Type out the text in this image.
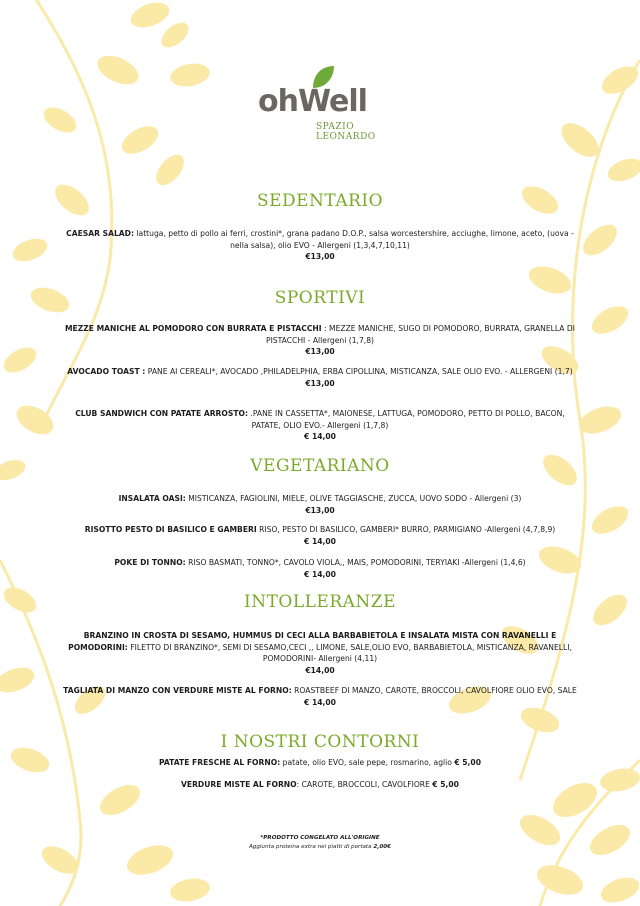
ohWell
SPAZIO LEONARDO
SEDENTARIO
CAESAR SALAD: lattuga, petto di pollo ai ferri, crostini*, grana padano D.O.P., salsa worcestershire, acciughe, limone, aceto, (uova - nella salsa), olio EVO - Allergeni (1,3,4,7,10,11)
€13,00
SPORTIVI
MEZZE MANICHE AL POMODORO CON BURRATA E PISTACCHI : MEZZE MANICHE, SUGO DI POMODORO, BURRATA, GRANELLA DI PISTACCHI - Allergeni (1,7,8)
€13,00
AVOCADO TOAST : PANE AI CEREALI*, AVOCADO ,PHILADELPHIA, ERBA CIPOLLINA, MISTICANZA, SALE OLIO EVO. - ALLERGENI (1,7)
€13,00
CLUB SANDWICH CON PATATE ARROSTO: .PANE IN CASSETTA*, MAIONESE, LATTUGA, POMODORO, PETTO DI POLLO, BACON, PATATE, OLIO EVO.- Allergeni (1,7,8)
€ 14,00
VEGETARIANO
INSALATA OASI: MISTICANZA, FAGIOLINI, MIELE, OLIVE TAGGIASCHE, ZUCCA, UOVO SODO - Allergeni (3)
€13,00
RISOTTO PESTO DI BASILICO E GAMBERI RISO, PESTO DI BASILICO, GAMBERI* BURRO, PARMIGIANO -Allergeni (4,7,8,9)
€ 14,00
POKE DI TONNO: RISO BASMATI, TONNO*, CAVOLO VIOLA,, MAIS, POMODORINI, TERYIAKI -Allergeni (1,4,6)
€ 14,00
INTOLLERANZE
BRANZINO IN CROSTA DI SESAMO, HUMMUS DI CECI ALLA BARBABIETOLA E INSALATA MISTA CON RAVANELLI E POMODORINI: FILETTO DI BRANZINO*, SEMI DI SESAMO,CECI ,, LIMONE, SALE,OLIO EVO, BARBABIETOLA, MISTICANZA, RAVANELLI, POMODORINI- Allergeni (4,11)
€14,00
TAGLIATA DI MANZO CON VERDURE MISTE AL FORNO: ROASTBEEF DI MANZO, CAROTE, BROCCOLI, CAVOLFIORE OLIO EVO, SALE
€ 14,00
I NOSTRI CONTORNI
PATATE FRESCHE AL FORNO: patate, olio EVO, sale pepe, rosmarino, aglio € 5,00
VERDURE MISTE AL FORNO: CAROTE, BROCCOLI, CAVOLFIORE € 5,00
*PRODOTTO CONGELATO ALL'ORIGINE
Aggiunta proteina extra nei piatti di portata 2,00€
